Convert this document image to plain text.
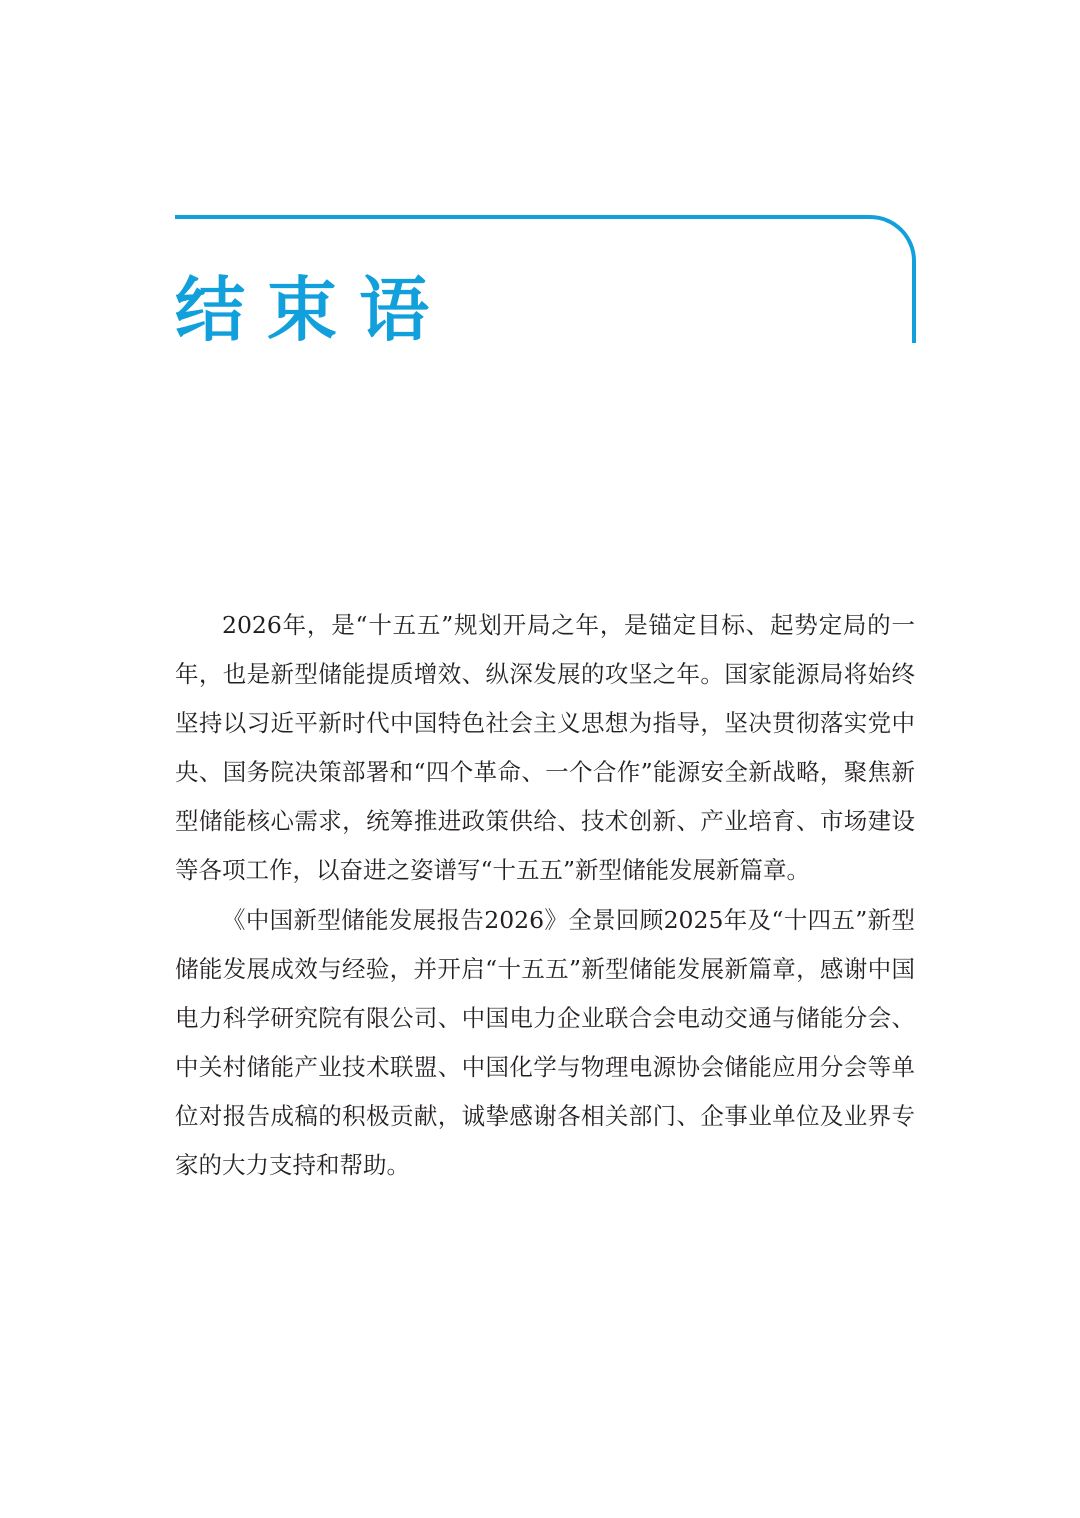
结束语

2026年，是“十五五”规划开局之年，是锚定目标、起势定局的一年，也是新型储能提质增效、纵深发展的攻坚之年。国家能源局将始终坚持以习近平新时代中国特色社会主义思想为指导，坚决贯彻落实党中央、国务院决策部署和“四个革命、一个合作”能源安全新战略，聚焦新型储能核心需求，统筹推进政策供给、技术创新、产业培育、市场建设等各项工作，以奋进之姿谱写“十五五”新型储能发展新篇章。

《中国新型储能发展报告2026》全景回顾2025年及“十四五”新型储能发展成效与经验，并开启“十五五”新型储能发展新篇章，感谢中国电力科学研究院有限公司、中国电力企业联合会电动交通与储能分会、中关村储能产业技术联盟、中国化学与物理电源协会储能应用分会等单位对报告成稿的积极贡献，诚挚感谢各相关部门、企事业单位及业界专家的大力支持和帮助。
